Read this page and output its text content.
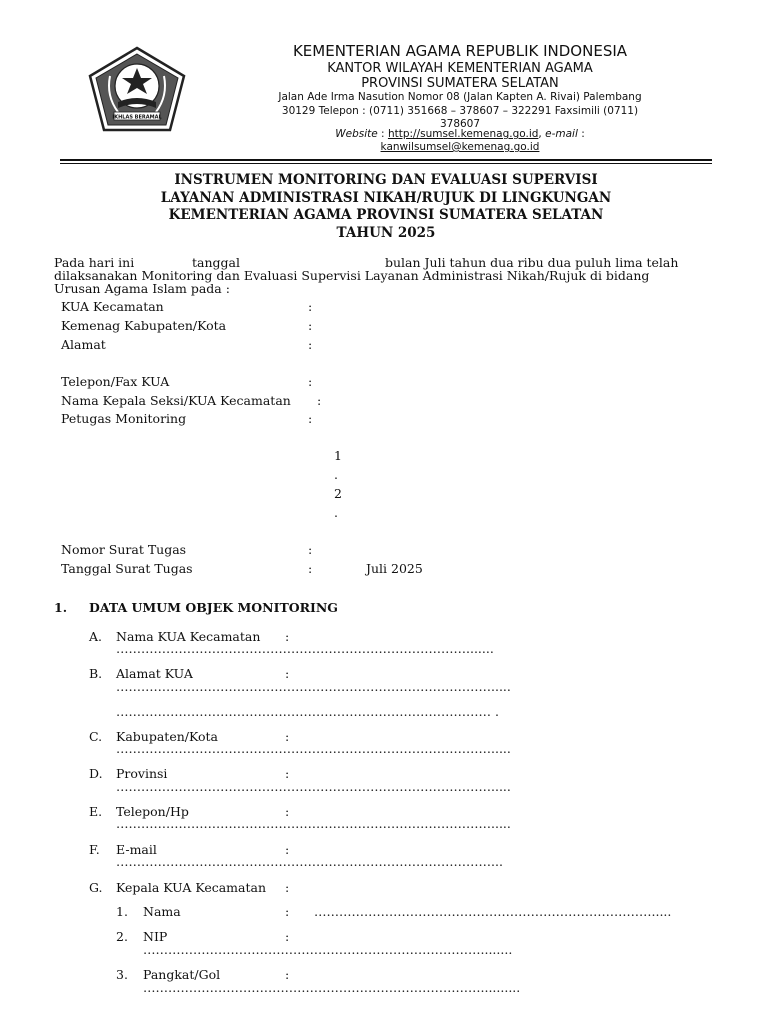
IKHLAS BERAMAL
KEMENTERIAN AGAMA REPUBLIK INDONESIA
KANTOR WILAYAH KEMENTERIAN AGAMA
PROVINSI SUMATERA SELATAN
Jalan Ade Irma Nasution Nomor 08 (Jalan Kapten A. Rivai) Palembang
30129 Telepon : (0711) 351668 – 378607 – 322291 Faxsimili (0711)
378607
Website : http://sumsel.kemenag.go.id, e-mail :
kanwilsumsel@kemenag.go.id
INSTRUMEN MONITORING DAN EVALUASI SUPERVISI
LAYANAN ADMINISTRASI NIKAH/RUJUK DI LINGKUNGAN
KEMENTERIAN AGAMA PROVINSI SUMATERA SELATAN
TAHUN 2025
Pada hari ini	tanggal	bulan Juli tahun dua ribu dua puluh lima telah
dilaksanakan Monitoring dan Evaluasi Supervisi Layanan Administrasi Nikah/Rujuk di bidang
Urusan Agama Islam pada :
KUA Kecamatan	:
Kemenag Kabupaten/Kota	:
Alamat	:
Telepon/Fax KUA	:
Nama Kepala Seksi/KUA Kecamatan :
Petugas Monitoring	:
1
.
2
.
Nomor Surat Tugas	:
Tanggal Surat Tugas	:	Juli 2025
1. DATA UMUM OBJEK MONITORING
A. Nama KUA Kecamatan :
………………………………………………………………………….......
B. Alamat KUA	:
……………………………………………………………………………….....
……………………………………………………………………………… .
C. Kabupaten/Kota	:
……………………………………………………………………………….....
D. Provinsi	:
……………………………………………………………………………….....
E. Telepon/Hp	:
……………………………………………………………………………….....
F. E-mail	:
………………………………………………………………………………...
G. Kepala KUA Kecamatan :
1. Nama	: ……………………………………………………………………….....
2. NIP	:
………………………………………………………………………........
3. Pangkat/Gol	:
………………………………………………………………………..........
